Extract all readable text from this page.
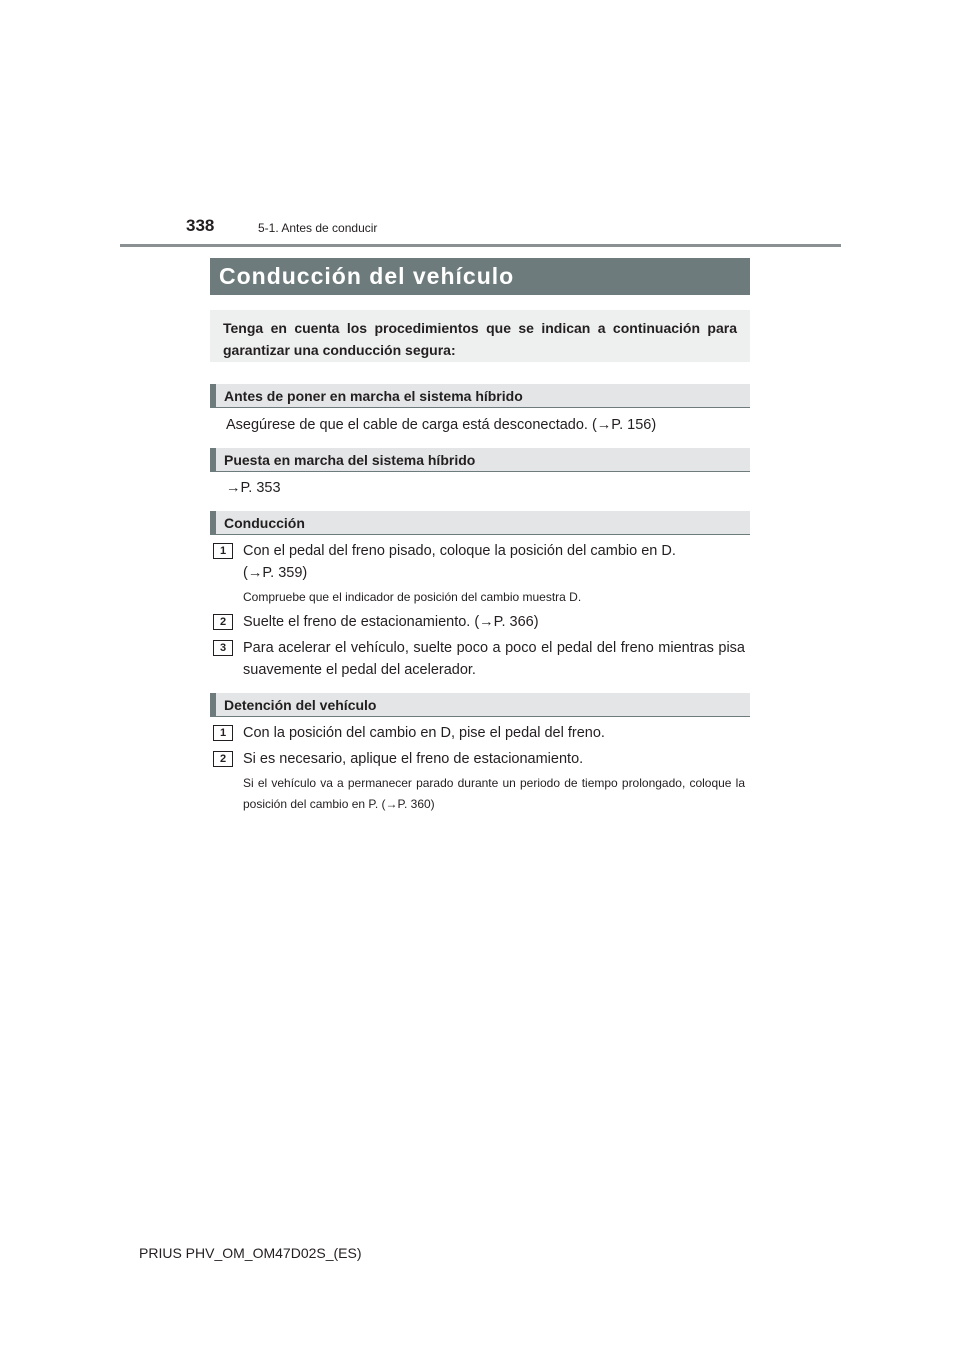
338	5-1. Antes de conducir
Conducción del vehículo
Tenga en cuenta los procedimientos que se indican a continuación para garantizar una conducción segura:
Antes de poner en marcha el sistema híbrido
Asegúrese de que el cable de carga está desconectado. (→P. 156)
Puesta en marcha del sistema híbrido
→P. 353
Conducción
1	Con el pedal del freno pisado, coloque la posición del cambio en D.
(→P. 359)
Compruebe que el indicador de posición del cambio muestra D.
2	Suelte el freno de estacionamiento. (→P. 366)
3	Para acelerar el vehículo, suelte poco a poco el pedal del freno mientras pisa suavemente el pedal del acelerador.
Detención del vehículo
1	Con la posición del cambio en D, pise el pedal del freno.
2	Si es necesario, aplique el freno de estacionamiento.
Si el vehículo va a permanecer parado durante un periodo de tiempo prolongado, coloque la posición del cambio en P. (→P. 360)
PRIUS PHV_OM_OM47D02S_(ES)
